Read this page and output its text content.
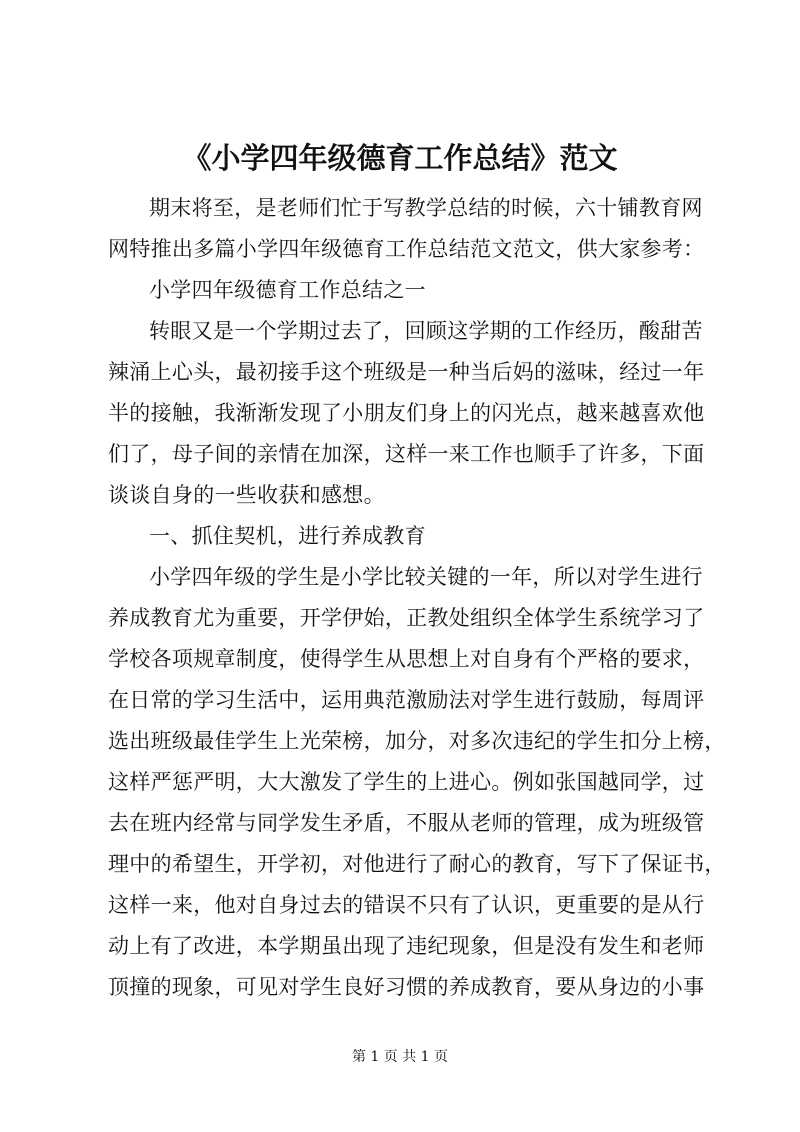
《小学四年级德育工作总结》范文
期末将至，是老师们忙于写教学总结的时候，六十铺教育网
网特推出多篇小学四年级德育工作总结范文范文，供大家参考：
小学四年级德育工作总结之一
转眼又是一个学期过去了，回顾这学期的工作经历，酸甜苦
辣涌上心头，最初接手这个班级是一种当后妈的滋味，经过一年
半的接触，我渐渐发现了小朋友们身上的闪光点，越来越喜欢他
们了，母子间的亲情在加深，这样一来工作也顺手了许多，下面
谈谈自身的一些收获和感想。
一、抓住契机，进行养成教育
小学四年级的学生是小学比较关键的一年，所以对学生进行
养成教育尤为重要，开学伊始，正教处组织全体学生系统学习了
学校各项规章制度，使得学生从思想上对自身有个严格的要求，
在日常的学习生活中，运用典范激励法对学生进行鼓励，每周评
选出班级最佳学生上光荣榜，加分，对多次违纪的学生扣分上榜，
这样严惩严明，大大激发了学生的上进心。例如张国越同学，过
去在班内经常与同学发生矛盾，不服从老师的管理，成为班级管
理中的希望生，开学初，对他进行了耐心的教育，写下了保证书，
这样一来，他对自身过去的错误不只有了认识，更重要的是从行
动上有了改进，本学期虽出现了违纪现象，但是没有发生和老师
顶撞的现象，可见对学生良好习惯的养成教育，要从身边的小事
第 1 页 共 1 页
